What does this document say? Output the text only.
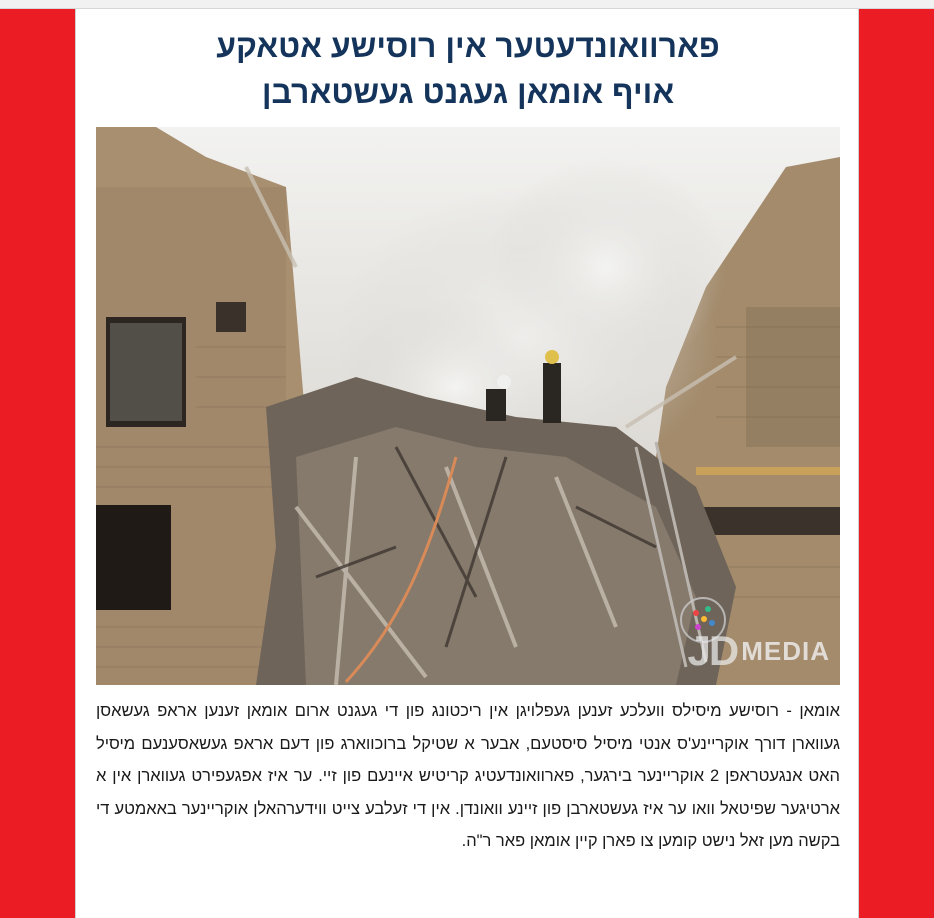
פארוואונדעטער אין רוסישע אטאקע
אויף אומאן געגנט געשטארבן
JD MEDIA

אומאן - רוסישע מיסילס וועלכע זענען געפלויגן אין ריכטונג פון די געגנט ארום אומאן זענען אראפ געשאסן געווארן דורך אוקריינע'ס אנטי מיסיל סיסטעם, אבער א שטיקל ברוכווארג פון דעם אראפ געשאסענעם מיסיל האט אנגעטראפן 2 אוקריינער בירגער, פארוואונדעטיג קריטיש איינעם פון זיי. ער איז אפגעפירט געווארן אין א ארטיגער שפיטאל וואו ער איז געשטארבן פון זיינע וואונדן. אין די זעלבע צייט ווידערהאלן אוקריינער באאמטע די בקשה מען זאל נישט קומען צו פארן קיין אומאן פאר ר"ה.
